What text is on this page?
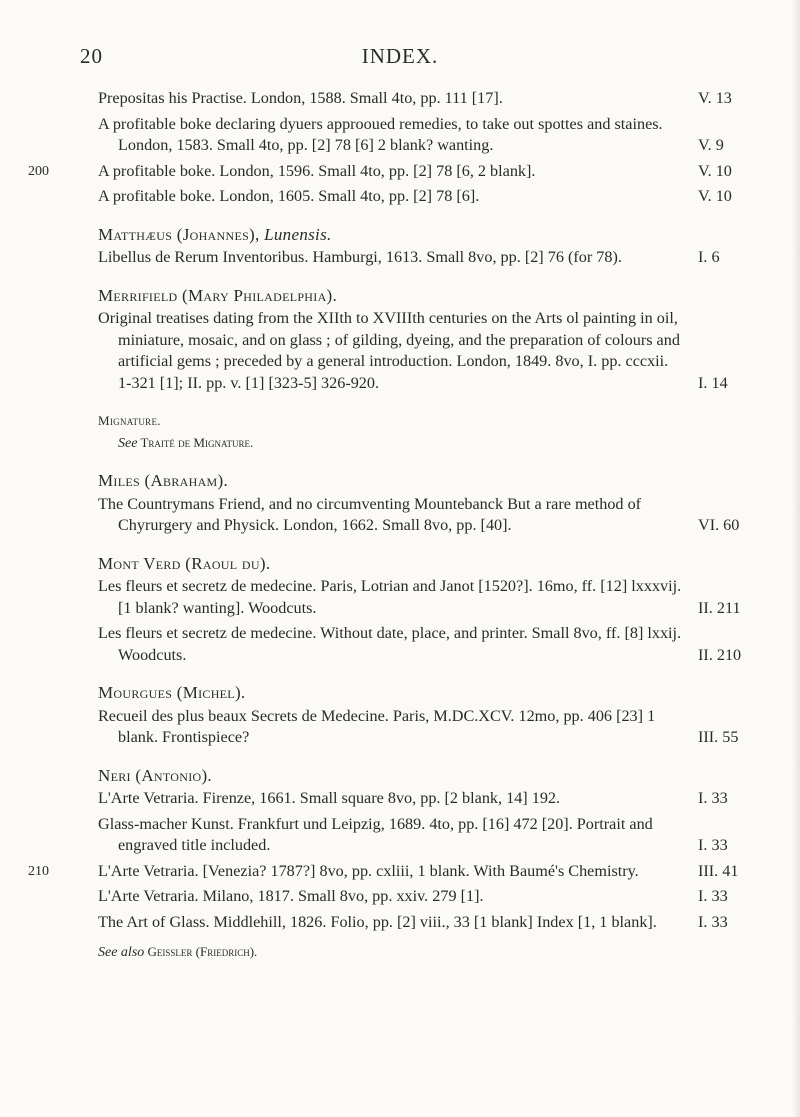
20	INDEX.
Prepositas his Practise. London, 1588. Small 4to, pp. 111 [17].	V. 13
A profitable boke declaring dyuers approoued remedies, to take out spottes and staines. London, 1583. Small 4to, pp. [2] 78 [6] 2 blank? wanting.	V. 9
200	A profitable boke. London, 1596. Small 4to, pp. [2] 78 [6, 2 blank].	V. 10
A profitable boke. London, 1605. Small 4to, pp. [2] 78 [6].	V. 10
Matthæus (Johannes), Lunensis.
Libellus de Rerum Inventoribus. Hamburgi, 1613. Small 8vo, pp. [2] 76 (for 78).	I. 6
Merrifield (Mary Philadelphia).
Original treatises dating from the XIIth to XVIIIth centuries on the Arts ol painting in oil, miniature, mosaic, and on glass ; of gilding, dyeing, and the preparation of colours and artificial gems ; preceded by a general introduction. London, 1849. 8vo, I. pp. cccxii. 1-321 [1]; II. pp. v. [1] [323-5] 326-920.	I. 14
Mignature.
See Traité de Mignature.
Miles (Abraham).
The Countrymans Friend, and no circumventing Mountebanck But a rare method of Chyrurgery and Physick. London, 1662. Small 8vo, pp. [40].	VI. 60
Mont Verd (Raoul du).
Les fleurs et secretz de medecine. Paris, Lotrian and Janot [1520?]. 16mo, ff. [12] lxxxvij. [1 blank? wanting]. Woodcuts.	II. 211
Les fleurs et secretz de medecine. Without date, place, and printer. Small 8vo, ff. [8] lxxij. Woodcuts.	II. 210
Mourgues (Michel).
Recueil des plus beaux Secrets de Medecine. Paris, M.DC.XCV. 12mo, pp. 406 [23] 1 blank. Frontispiece?	III. 55
Neri (Antonio).
L'Arte Vetraria. Firenze, 1661. Small square 8vo, pp. [2 blank, 14] 192.	I. 33
Glass-macher Kunst. Frankfurt und Leipzig, 1689. 4to, pp. [16] 472 [20]. Portrait and engraved title included.	I. 33
210	L'Arte Vetraria. [Venezia? 1787?] 8vo, pp. cxliii, 1 blank. With Baumé's Chemistry.	III. 41
L'Arte Vetraria. Milano, 1817. Small 8vo, pp. xxiv. 279 [1].	I. 33
The Art of Glass. Middlehill, 1826. Folio, pp. [2] viii., 33 [1 blank] Index [1, 1 blank].	I. 33
See also Geissler (Friedrich).
